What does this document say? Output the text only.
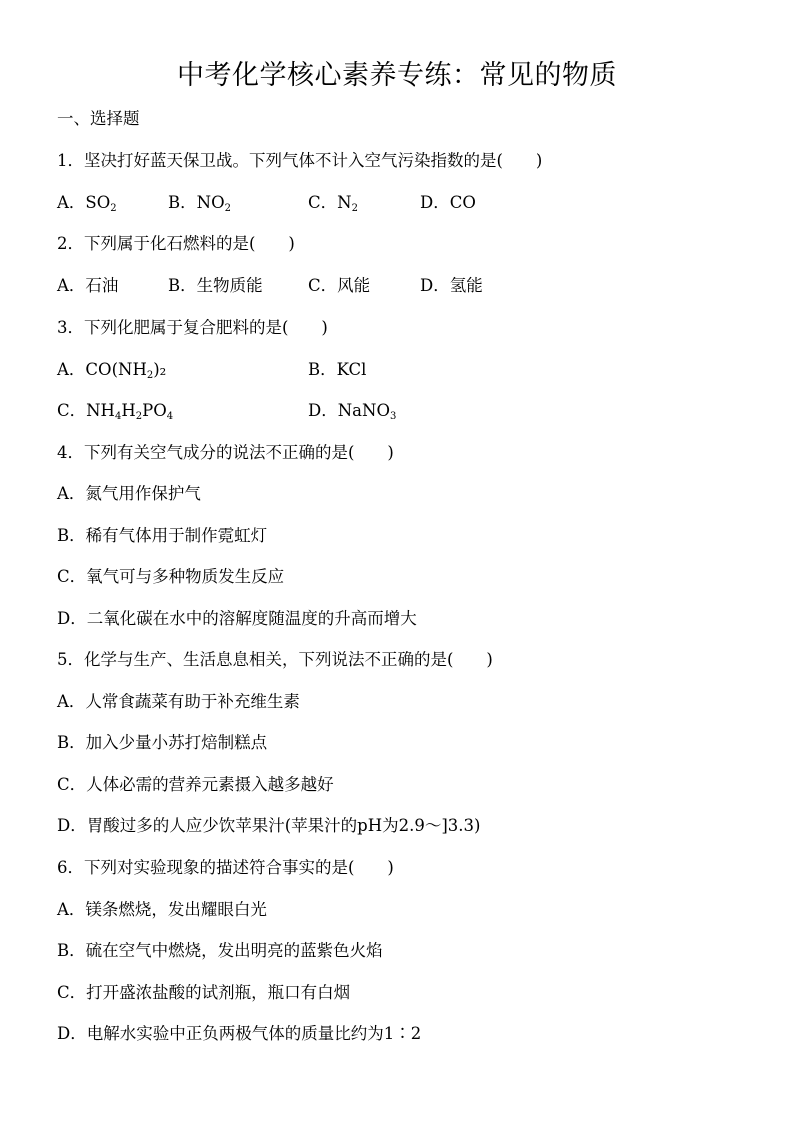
中考化学核心素养专练：常见的物质
一、选择题
1．坚决打好蓝天保卫战。下列气体不计入空气污染指数的是(　　)
A．$SO_2$	B．$NO_2$	C．$N_2$	D．CO
2．下列属于化石燃料的是(　　)
A．石油	B．生物质能	C．风能	D．氢能
3．下列化肥属于复合肥料的是(　　)
A．$CO(NH_2)_2$	B．KCl
C．$NH_4H_2PO_4$	D．NaNO$_3$
4．下列有关空气成分的说法不正确的是(　　)
A．氮气用作保护气
B．稀有气体用于制作霓虹灯
C．氧气可与多种物质发生反应
D．二氧化碳在水中的溶解度随温度的升高而增大
5．化学与生产、生活息息相关，下列说法不正确的是(　　)
A．人常食蔬菜有助于补充维生素
B．加入少量小苏打焙制糕点
C．人体必需的营养元素摄入越多越好
D．胃酸过多的人应少饮苹果汁(苹果汁的pH为2.9～]3.3)
6．下列对实验现象的描述符合事实的是(　　)
A．镁条燃烧，发出耀眼白光
B．硫在空气中燃烧，发出明亮的蓝紫色火焰
C．打开盛浓盐酸的试剂瓶，瓶口有白烟
D．电解水实验中正负两极气体的质量比约为1∶2
